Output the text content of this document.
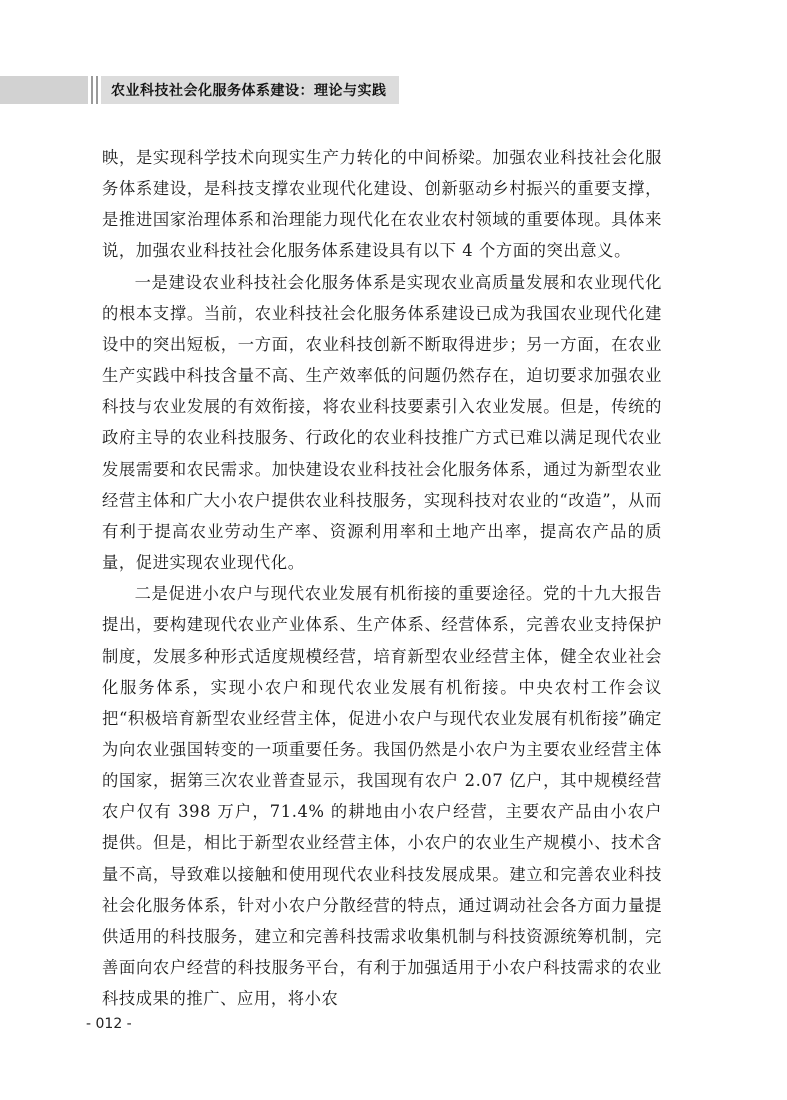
农业科技社会化服务体系建设：理论与实践

映，是实现科学技术向现实生产力转化的中间桥梁。加强农业科技社会化服务体系建设，是科技支撑农业现代化建设、创新驱动乡村振兴的重要支撑，是推进国家治理体系和治理能力现代化在农业农村领域的重要体现。具体来说，加强农业科技社会化服务体系建设具有以下 4 个方面的突出意义。

一是建设农业科技社会化服务体系是实现农业高质量发展和农业现代化的根本支撑。当前，农业科技社会化服务体系建设已成为我国农业现代化建设中的突出短板，一方面，农业科技创新不断取得进步；另一方面，在农业生产实践中科技含量不高、生产效率低的问题仍然存在，迫切要求加强农业科技与农业发展的有效衔接，将农业科技要素引入农业发展。但是，传统的政府主导的农业科技服务、行政化的农业科技推广方式已难以满足现代农业发展需要和农民需求。加快建设农业科技社会化服务体系，通过为新型农业经营主体和广大小农户提供农业科技服务，实现科技对农业的“改造”，从而有利于提高农业劳动生产率、资源利用率和土地产出率，提高农产品的质量，促进实现农业现代化。

二是促进小农户与现代农业发展有机衔接的重要途径。党的十九大报告提出，要构建现代农业产业体系、生产体系、经营体系，完善农业支持保护制度，发展多种形式适度规模经营，培育新型农业经营主体，健全农业社会化服务体系，实现小农户和现代农业发展有机衔接。中央农村工作会议把“积极培育新型农业经营主体，促进小农户与现代农业发展有机衔接”确定为向农业强国转变的一项重要任务。我国仍然是小农户为主要农业经营主体的国家，据第三次农业普查显示，我国现有农户 2.07 亿户，其中规模经营农户仅有 398 万户，71.4% 的耕地由小农户经营，主要农产品由小农户提供。但是，相比于新型农业经营主体，小农户的农业生产规模小、技术含量不高，导致难以接触和使用现代农业科技发展成果。建立和完善农业科技社会化服务体系，针对小农户分散经营的特点，通过调动社会各方面力量提供适用的科技服务，建立和完善科技需求收集机制与科技资源统筹机制，完善面向农户经营的科技服务平台，有利于加强适用于小农户科技需求的农业科技成果的推广、应用，将小农

- 012 -
